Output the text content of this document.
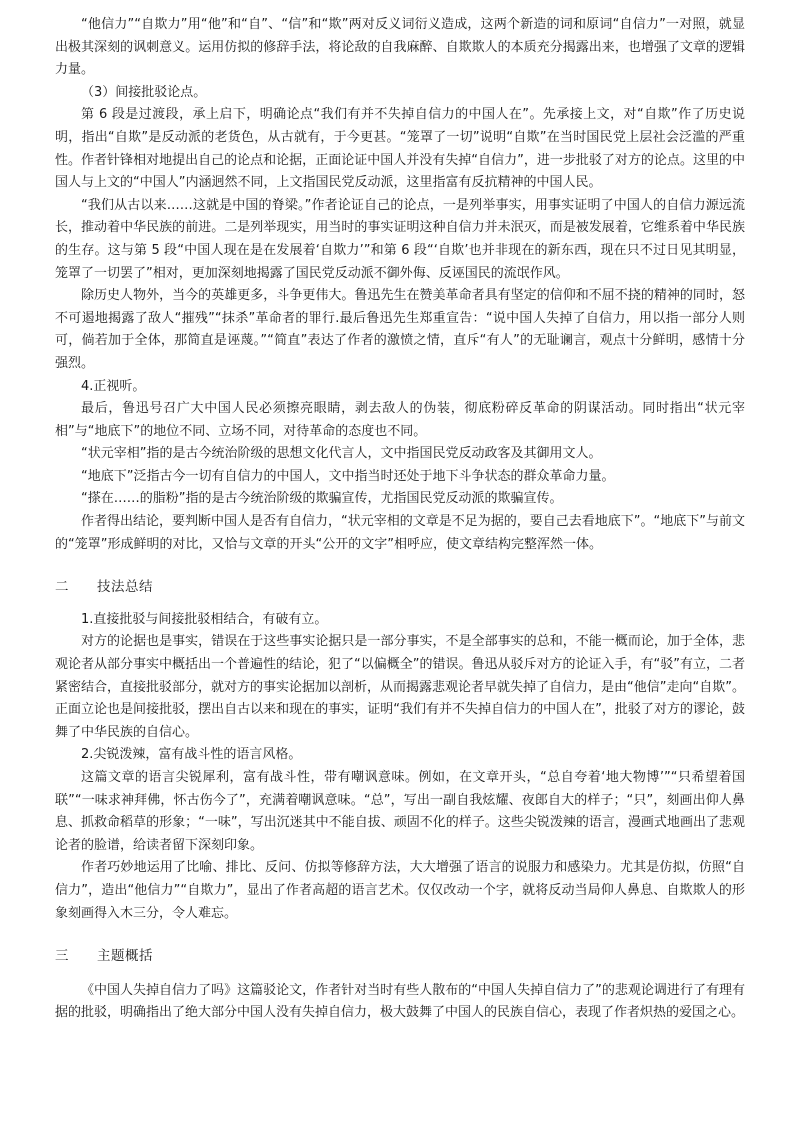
“他信力”“自欺力”用“他”和“自”、“信”和“欺”两对反义词衍义造成，这两个新造的词和原词“自信力”一对照，就显出极其深刻的讽刺意义。运用仿拟的修辞手法，将论敌的自我麻醉、自欺欺人的本质充分揭露出来，也增强了文章的逻辑力量。

（3）间接批驳论点。

第 6 段是过渡段，承上启下，明确论点“我们有并不失掉自信力的中国人在”。先承接上文，对“自欺”作了历史说明，指出“自欺”是反动派的老货色，从古就有，于今更甚。“笼罩了一切”说明“自欺”在当时国民党上层社会泛滥的严重性。作者针锋相对地提出自己的论点和论据，正面论证中国人并没有失掉“自信力”，进一步批驳了对方的论点。这里的中国人与上文的“中国人”内涵迥然不同，上文指国民党反动派，这里指富有反抗精神的中国人民。

“我们从古以来……这就是中国的脊梁。”作者论证自己的论点，一是列举事实，用事实证明了中国人的自信力源远流长，推动着中华民族的前进。二是列举现实，用当时的事实证明这种自信力并未泯灭，而是被发展着，它维系着中华民族的生存。这与第 5 段“中国人现在是在发展着‘自欺力’”和第 6 段“‘自欺’也并非现在的新东西，现在只不过日见其明显，笼罩了一切罢了”相对，更加深刻地揭露了国民党反动派不御外侮、反诬国民的流氓作风。

除历史人物外，当今的英雄更多，斗争更伟大。鲁迅先生在赞美革命者具有坚定的信仰和不屈不挠的精神的同时，怒不可遏地揭露了敌人“摧残”“抹杀”革命者的罪行.最后鲁迅先生郑重宣告：“说中国人失掉了自信力，用以指一部分人则可，倘若加于全体，那简直是诬蔑。”“简直”表达了作者的激愤之情，直斥“有人”的无耻谰言，观点十分鲜明，感情十分强烈。

4.正视听。

最后，鲁迅号召广大中国人民必须擦亮眼睛，剥去敌人的伪装，彻底粉碎反革命的阴谋活动。同时指出“状元宰相”与“地底下”的地位不同、立场不同，对待革命的态度也不同。

“状元宰相”指的是古今统治阶级的思想文化代言人，文中指国民党反动政客及其御用文人。

“地底下”泛指古今一切有自信力的中国人，文中指当时还处于地下斗争状态的群众革命力量。

“搽在……的脂粉”指的是古今统治阶级的欺骗宣传，尤指国民党反动派的欺骗宣传。

作者得出结论，要判断中国人是否有自信力，“状元宰相的文章是不足为据的，要自己去看地底下”。“地底下”与前文的“笼罩”形成鲜明的对比，又恰与文章的开头“公开的文字”相呼应，使文章结构完整浑然一体。

二	技法总结

1.直接批驳与间接批驳相结合，有破有立。

对方的论据也是事实，错误在于这些事实论据只是一部分事实，不是全部事实的总和，不能一概而论，加于全体，悲观论者从部分事实中概括出一个普遍性的结论，犯了“以偏概全”的错误。鲁迅从驳斥对方的论证入手，有“驳”有立，二者紧密结合，直接批驳部分，就对方的事实论据加以剖析，从而揭露悲观论者早就失掉了自信力，是由“他信”走向“自欺”。正面立论也是间接批驳，摆出自古以来和现在的事实，证明“我们有并不失掉自信力的中国人在”，批驳了对方的谬论，鼓舞了中华民族的自信心。

2.尖锐泼辣，富有战斗性的语言风格。

这篇文章的语言尖锐犀利，富有战斗性，带有嘲讽意味。例如，在文章开头，“总自夸着‘地大物博’”“只希望着国联”“一味求神拜佛，怀古伤今了”，充满着嘲讽意味。“总”，写出一副自我炫耀、夜郎自大的样子；“只”，刻画出仰人鼻息、抓救命稻草的形象；“一味”，写出沉迷其中不能自拔、顽固不化的样子。这些尖锐泼辣的语言，漫画式地画出了悲观论者的脸谱，给读者留下深刻印象。

作者巧妙地运用了比喻、排比、反问、仿拟等修辞方法，大大增强了语言的说服力和感染力。尤其是仿拟，仿照“自信力”，造出“他信力”“自欺力”，显出了作者高超的语言艺术。仅仅改动一个字，就将反动当局仰人鼻息、自欺欺人的形象刻画得入木三分，令人难忘。

三	主题概括

《中国人失掉自信力了吗》这篇驳论文，作者针对当时有些人散布的“中国人失掉自信力了”的悲观论调进行了有理有据的批驳，明确指出了绝大部分中国人没有失掉自信力，极大鼓舞了中国人的民族自信心，表现了作者炽热的爱国之心。
